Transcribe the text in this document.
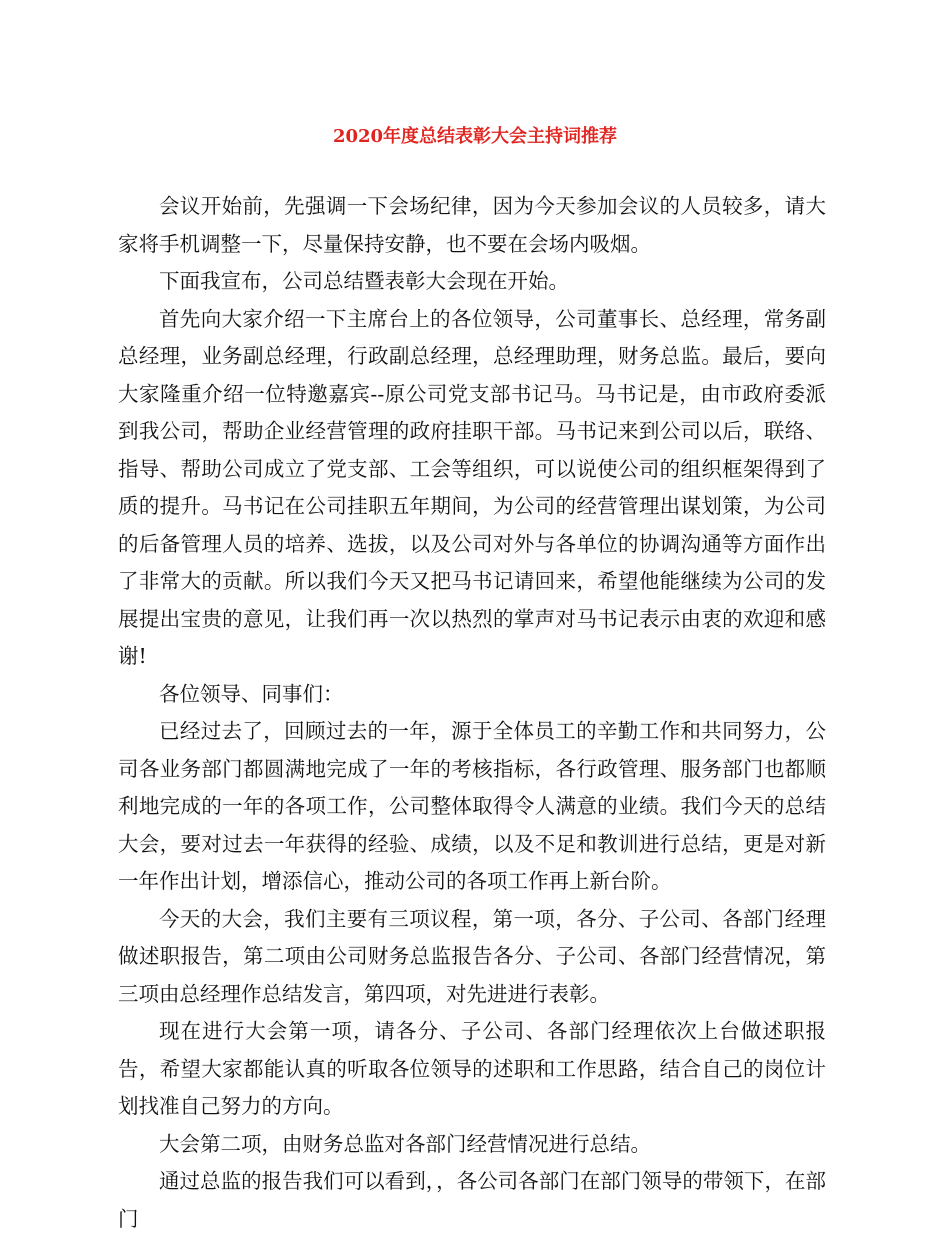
2020年度总结表彰大会主持词推荐

会议开始前，先强调一下会场纪律，因为今天参加会议的人员较多，请大家将手机调整一下，尽量保持安静，也不要在会场内吸烟。

下面我宣布，公司总结暨表彰大会现在开始。

首先向大家介绍一下主席台上的各位领导，公司董事长、总经理，常务副总经理，业务副总经理，行政副总经理，总经理助理，财务总监。最后，要向大家隆重介绍一位特邀嘉宾--原公司党支部书记马。马书记是，由市政府委派到我公司，帮助企业经营管理的政府挂职干部。马书记来到公司以后，联络、指导、帮助公司成立了党支部、工会等组织，可以说使公司的组织框架得到了质的提升。马书记在公司挂职五年期间，为公司的经营管理出谋划策，为公司的后备管理人员的培养、选拔，以及公司对外与各单位的协调沟通等方面作出了非常大的贡献。所以我们今天又把马书记请回来，希望他能继续为公司的发展提出宝贵的意见，让我们再一次以热烈的掌声对马书记表示由衷的欢迎和感谢!

各位领导、同事们：

已经过去了，回顾过去的一年，源于全体员工的辛勤工作和共同努力，公司各业务部门都圆满地完成了一年的考核指标，各行政管理、服务部门也都顺利地完成的一年的各项工作，公司整体取得令人满意的业绩。我们今天的总结大会，要对过去一年获得的经验、成绩，以及不足和教训进行总结，更是对新一年作出计划，增添信心，推动公司的各项工作再上新台阶。

今天的大会，我们主要有三项议程，第一项，各分、子公司、各部门经理做述职报告，第二项由公司财务总监报告各分、子公司、各部门经营情况，第三项由总经理作总结发言，第四项，对先进进行表彰。

现在进行大会第一项，请各分、子公司、各部门经理依次上台做述职报告，希望大家都能认真的听取各位领导的述职和工作思路，结合自己的岗位计划找准自己努力的方向。

大会第二项，由财务总监对各部门经营情况进行总结。

通过总监的报告我们可以看到，，各公司各部门在部门领导的带领下，在部门
